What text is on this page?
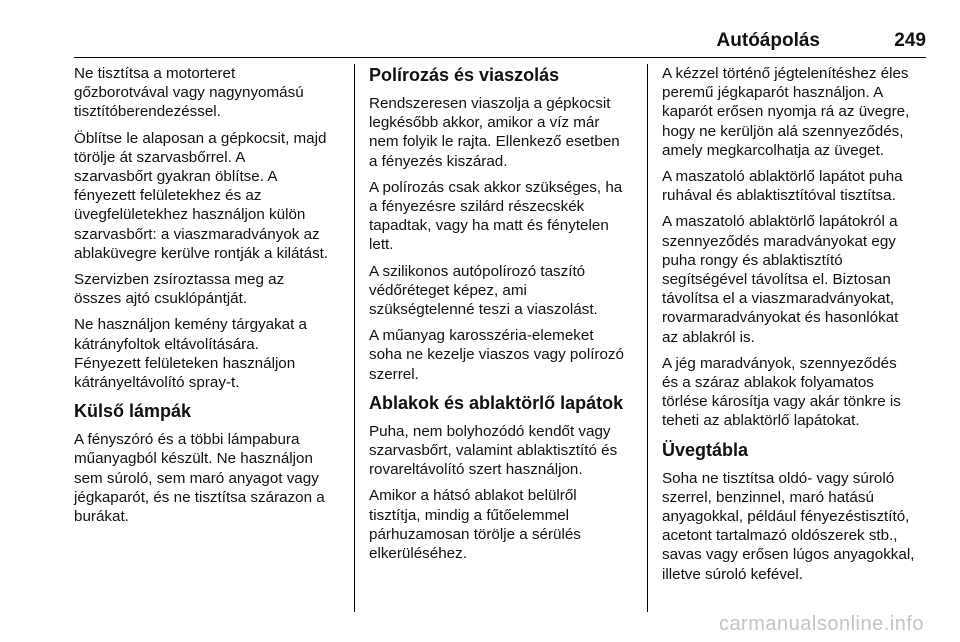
Autóápolás	249

Ne tisztítsa a motorteret
gőzborotvával vagy nagynyomású
tisztítóberendezéssel.

Öblítse le alaposan a gépkocsit, majd
törölje át szarvasbőrrel. A
szarvasbőrt gyakran öblítse. A
fényezett felületekhez és az
üvegfelületekhez használjon külön
szarvasbőrt: a viaszmaradványok az
ablaküvegre kerülve rontják a kilátást.

Szervizben zsíroztassa meg az
összes ajtó csuklópántját.

Ne használjon kemény tárgyakat a
kátrányfoltok eltávolítására.
Fényezett felületeken használjon
kátrányeltávolító spray-t.

Külső lámpák

A fényszóró és a többi lámpabura
műanyagból készült. Ne használjon
sem súroló, sem maró anyagot vagy
jégkaparót, és ne tisztítsa szárazon a
burákat.

Polírozás és viaszolás

Rendszeresen viaszolja a gépkocsit
legkésőbb akkor, amikor a víz már
nem folyik le rajta. Ellenkező esetben
a fényezés kiszárad.

A polírozás csak akkor szükséges, ha
a fényezésre szilárd részecskék
tapadtak, vagy ha matt és fénytelen
lett.

A szilikonos autópolírozó taszító
védőréteget képez, ami
szükségtelenné teszi a viaszolást.

A műanyag karosszéria-elemeket
soha ne kezelje viaszos vagy polírozó
szerrel.

Ablakok és ablaktörlő lapátok

Puha, nem bolyhozódó kendőt vagy
szarvasbőrt, valamint ablaktisztító és
rovareltávolító szert használjon.

Amikor a hátsó ablakot belülről
tisztítja, mindig a fűtőelemmel
párhuzamosan törölje a sérülés
elkerüléséhez.

A kézzel történő jégtelenítéshez éles
peremű jégkaparót használjon. A
kaparót erősen nyomja rá az üvegre,
hogy ne kerüljön alá szennyeződés,
amely megkarcolhatja az üveget.

A maszatoló ablaktörlő lapátot puha
ruhával és ablaktisztítóval tisztítsa.

A maszatoló ablaktörlő lapátokról a
szennyeződés maradványokat egy
puha rongy és ablaktisztító
segítségével távolítsa el. Biztosan
távolítsa el a viaszmaradványokat,
rovarmaradványokat és hasonlókat
az ablakról is.

A jég maradványok, szennyeződés
és a száraz ablakok folyamatos
törlése károsítja vagy akár tönkre is
teheti az ablaktörlő lapátokat.

Üvegtábla

Soha ne tisztítsa oldó- vagy súroló
szerrel, benzinnel, maró hatású
anyagokkal, például fényezéstisztító,
acetont tartalmazó oldószerek stb.,
savas vagy erősen lúgos anyagokkal,
illetve súroló kefével.

carmanualsonline.info
